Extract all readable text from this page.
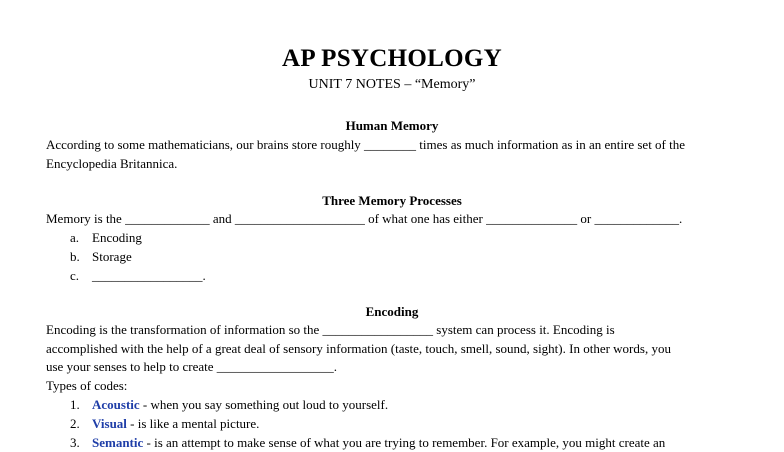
AP PSYCHOLOGY
UNIT 7 NOTES – “Memory”
Human Memory
According to some mathematicians, our brains store roughly ________ times as much information as in an entire set of the
Encyclopedia Britannica.
Three Memory Processes
Memory is the _____________ and ____________________ of what one has either ______________ or _____________.
a. Encoding
b. Storage
c. _________________.
Encoding
Encoding is the transformation of information so the _________________ system can process it. Encoding is
accomplished with the help of a great deal of sensory information (taste, touch, smell, sound, sight). In other words, you
use your senses to help to create __________________.
Types of codes:
1. Acoustic - when you say something out loud to yourself.
2. Visual - is like a mental picture.
3. Semantic - is an attempt to make sense of what you are trying to remember. For example, you might create an
